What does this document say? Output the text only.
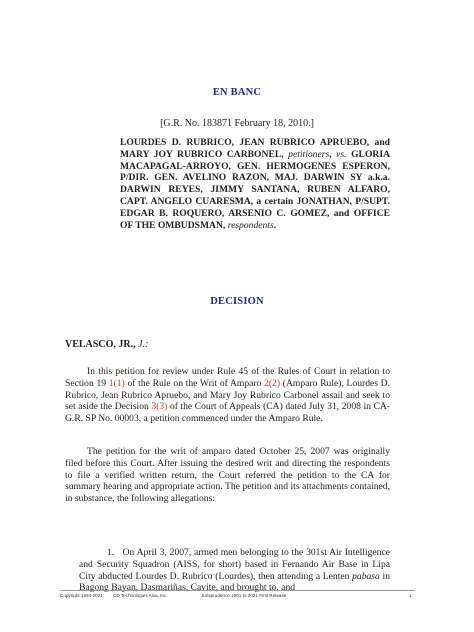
EN BANC
[G.R. No. 183871 February 18, 2010.]
LOURDES D. RUBRICO, JEAN RUBRICO APRUEBO, and MARY JOY RUBRICO CARBONEL, petitioners, vs. GLORIA MACAPAGAL-ARROYO, GEN. HERMOGENES ESPERON, P/DIR. GEN. AVELINO RAZON, MAJ. DARWIN SY a.k.a. DARWIN REYES, JIMMY SANTANA, RUBEN ALFARO, CAPT. ANGELO CUARESMA, a certain JONATHAN, P/SUPT. EDGAR B. ROQUERO, ARSENIO C. GOMEZ, and OFFICE OF THE OMBUDSMAN, respondents.
DECISION
VELASCO, JR., J.:
In this petition for review under Rule 45 of the Rules of Court in relation to Section 19 1(1) of the Rule on the Writ of Amparo 2(2) (Amparo Rule), Lourdes D. Rubrico, Jean Rubrico Apruebo, and Mary Joy Rubrico Carbonel assail and seek to set aside the Decision 3(3) of the Court of Appeals (CA) dated July 31, 2008 in CA-G.R. SP No. 00003, a petition commenced under the Amparo Rule.
The petition for the writ of amparo dated October 25, 2007 was originally filed before this Court. After issuing the desired writ and directing the respondents to file a verified written return, the Court referred the petition to the CA for summary hearing and appropriate action. The petition and its attachments contained, in substance, the following allegations:
1. On April 3, 2007, armed men belonging to the 301st Air Intelligence and Security Squadron (AISS, for short) based in Fernando Air Base in Lipa City abducted Lourdes D. Rubrico (Lourdes), then attending a Lenten pabasa in Bagong Bayan, Dasmariñas, Cavite, and brought to, and
Copyright 1994-2021 CD Technologies Asia, Inc.	Jurisprudence 1901 to 2021 First Release	1
